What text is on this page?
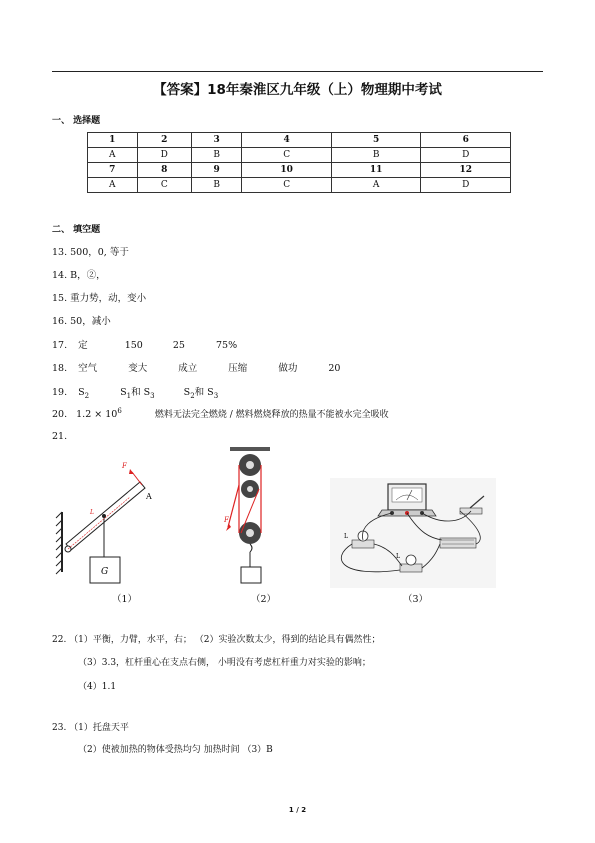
【答案】18年秦淮区九年级（上）物理期中考试
一、 选择题
1	2	3	4	5	6
A	D	B	C	B	D
7	8	9	10	11	12
A	C	B	C	A	D
二、 填空题
13. 500，0, 等于
14. B，②，
15. 重力势，动，变小
16. 50，减小
17. 定	150	25	75%
18. 空气	变大	成立	压缩	做功	20
19. $S_2$	$S_1$和 $S_3$	$S_2$和 $S_3$
20. $1.2 \times 10^6$	燃料无法完全燃烧 / 燃料燃烧释放的热量不能被水完全吸收
21.
G
F
A
L
F
L
L
（1）	（2）	（3）
22. （1）平衡，力臂，水平，右； （2）实验次数太少，得到的结论具有偶然性；
（3）3.3，杠杆重心在支点右侧， 小明没有考虑杠杆重力对实验的影响；
（4）1.1
23. （1）托盘天平
（2）使被加热的物体受热均匀 加热时间 （3）B
1 / 2
